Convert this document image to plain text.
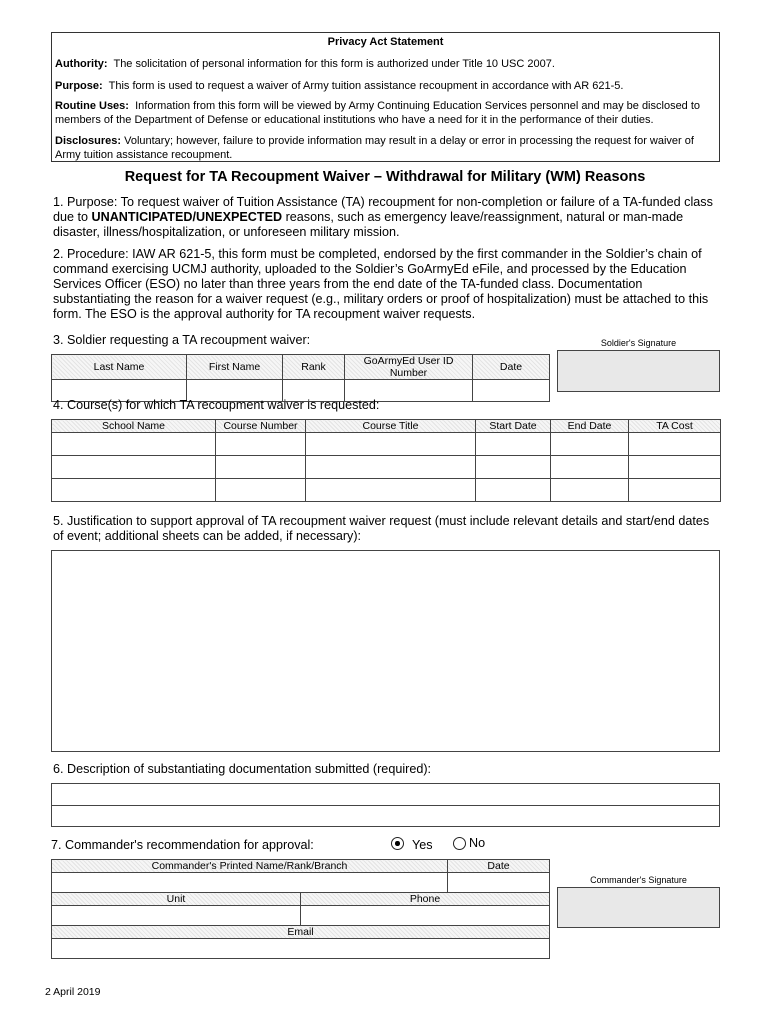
Privacy Act Statement
Authority: The solicitation of personal information for this form is authorized under Title 10 USC 2007.
Purpose: This form is used to request a waiver of Army tuition assistance recoupment in accordance with AR 621-5.
Routine Uses: Information from this form will be viewed by Army Continuing Education Services personnel and may be disclosed to members of the Department of Defense or educational institutions who have a need for it in the performance of their duties.
Disclosures: Voluntary; however, failure to provide information may result in a delay or error in processing the request for waiver of Army tuition assistance recoupment.
Request for TA Recoupment Waiver – Withdrawal for Military (WM) Reasons
1. Purpose: To request waiver of Tuition Assistance (TA) recoupment for non-completion or failure of a TA-funded class due to UNANTICIPATED/UNEXPECTED reasons, such as emergency leave/reassignment, natural or man-made disaster, illness/hospitalization, or unforeseen military mission.
2. Procedure: IAW AR 621-5, this form must be completed, endorsed by the first commander in the Soldier’s chain of command exercising UCMJ authority, uploaded to the Soldier’s GoArmyEd eFile, and processed by the Education Services Officer (ESO) no later than three years from the end date of the TA-funded class. Documentation substantiating the reason for a waiver request (e.g., military orders or proof of hospitalization) must be attached to this form. The ESO is the approval authority for TA recoupment waiver requests.
3. Soldier requesting a TA recoupment waiver:
Last Name	First Name	Rank	GoArmyEd User ID Number	Date

Soldier's Signature
4. Course(s) for which TA recoupment waiver is requested:
School Name	Course Number	Course Title	Start Date	End Date	TA Cost

5. Justification to support approval of TA recoupment waiver request (must include relevant details and start/end dates of event; additional sheets can be added, if necessary):
6. Description of substantiating documentation submitted (required):
7. Commander's recommendation for approval:	Yes	No
Commander's Printed Name/Rank/Branch		Date

Unit	Phone	

Email		

Commander's Signature
2 April 2019
